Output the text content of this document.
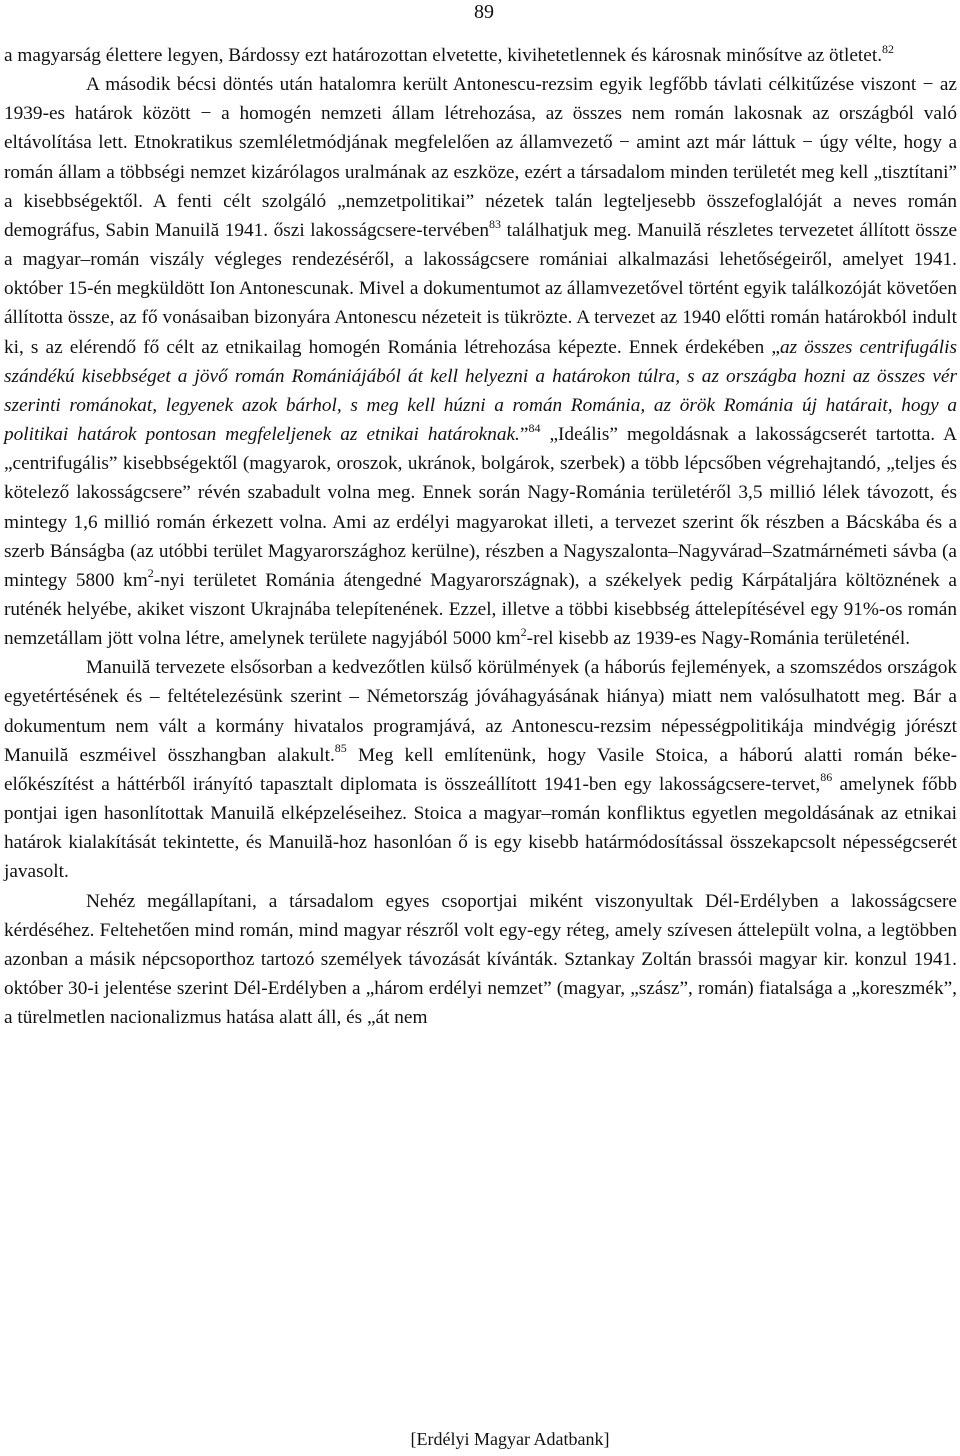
89

a magyarság élettere legyen, Bárdossy ezt határozottan elvetette, kivihetetlennek és károsnak minősítve az ötletet.$^{82}$

A második bécsi döntés után hatalomra került Antonescu-rezsim egyik legfőbb távlati célkitűzése viszont − az 1939-es határok között − a homogén nemzeti állam létrehozása, az összes nem román lakosnak az országból való eltávolítása lett. Etnokratikus szemléletmódjának megfelelően az államvezető − amint azt már láttuk − úgy vélte, hogy a román állam a többségi nemzet kizárólagos uralmának az eszköze, ezért a társadalom minden területét meg kell „tisztítani” a kisebbségektől. A fenti célt szolgáló „nemzetpolitikai” nézetek talán legteljesebb összefoglalóját a neves román demográfus, Sabin Manuilă 1941. őszi lakosságcsere-tervében$^{83}$ találhatjuk meg. Manuilă részletes tervezetet állított össze a magyar–román viszály végleges rendezéséről, a lakosságcsere romániai alkalmazási lehetőségeiről, amelyet 1941. október 15-én megküldött Ion Antonescunak. Mivel a dokumentumot az államvezetővel történt egyik találkozóját követően állította össze, az fő vonásaiban bizonyára Antonescu nézeteit is tükrözte. A tervezet az 1940 előtti román határokból indult ki, s az elérendő fő célt az etnikailag homogén Románia létrehozása képezte. Ennek érdekében „az összes centrifugális szándékú kisebbséget a jövő román Romániájából át kell helyezni a határokon túlra, s az országba hozni az összes vér szerinti románokat, legyenek azok bárhol, s meg kell húzni a román Románia, az örök Románia új határait, hogy a politikai határok pontosan megfeleljenek az etnikai határoknak.”$^{84}$ „Ideális” megoldásnak a lakosságcserét tartotta. A „centrifugális” kisebbségektől (magyarok, oroszok, ukránok, bolgárok, szerbek) a több lépcsőben végrehajtandó, „teljes és kötelező lakosságcsere” révén szabadult volna meg. Ennek során Nagy-Románia területéről 3,5 millió lélek távozott, és mintegy 1,6 millió román érkezett volna. Ami az erdélyi magyarokat illeti, a tervezet szerint ők részben a Bácskába és a szerb Bánságba (az utóbbi terület Magyarországhoz kerülne), részben a Nagyszalonta–Nagyvárad–Szatmárnémeti sávba (a mintegy 5800 $km^2$-nyi területet Románia átengedné Magyarországnak), a székelyek pedig Kárpátaljára költöznének a ruténék helyébe, akiket viszont Ukrajnába telepítenének. Ezzel, illetve a többi kisebbség áttelepítésével egy 91%-os román nemzetállam jött volna létre, amelynek területe nagyjából 5000 $km^2$-rel kisebb az 1939-es Nagy-Románia területénél.

Manuilă tervezete elsősorban a kedvezőtlen külső körülmények (a háborús fejlemények, a szomszédos országok egyetértésének és – feltételezésünk szerint – Németország jóváhagyásának hiánya) miatt nem valósulhatott meg. Bár a dokumentum nem vált a kormány hivatalos programjává, az Antonescu-rezsim népességpolitikája mindvégig jórészt Manuilă eszméivel összhangban alakult.$^{85}$ Meg kell említenünk, hogy Vasile Stoica, a háború alatti román béke-előkészítést a háttérből irányító tapasztalt diplomata is összeállított 1941-ben egy lakosságcsere-tervet,$^{86}$ amelynek főbb pontjai igen hasonlítottak Manuilă elképzeléseihez. Stoica a magyar–román konfliktus egyetlen megoldásának az etnikai határok kialakítását tekintette, és Manuilă-hoz hasonlóan ő is egy kisebb határmódosítással összekapcsolt népességcserét javasolt.

Nehéz megállapítani, a társadalom egyes csoportjai miként viszonyultak Dél-Erdélyben a lakosságcsere kérdéséhez. Feltehetően mind román, mind magyar részről volt egy-egy réteg, amely szívesen áttelepült volna, a legtöbben azonban a másik népcsoporthoz tartozó személyek távozását kívánták. Sztankay Zoltán brassói magyar kir. konzul 1941. október 30-i jelentése szerint Dél-Erdélyben a „három erdélyi nemzet” (magyar, „szász”, román) fiatalsága a „koreszmék”, a türelmetlen nacionalizmus hatása alatt áll, és „át nem

[Erdélyi Magyar Adatbank]
